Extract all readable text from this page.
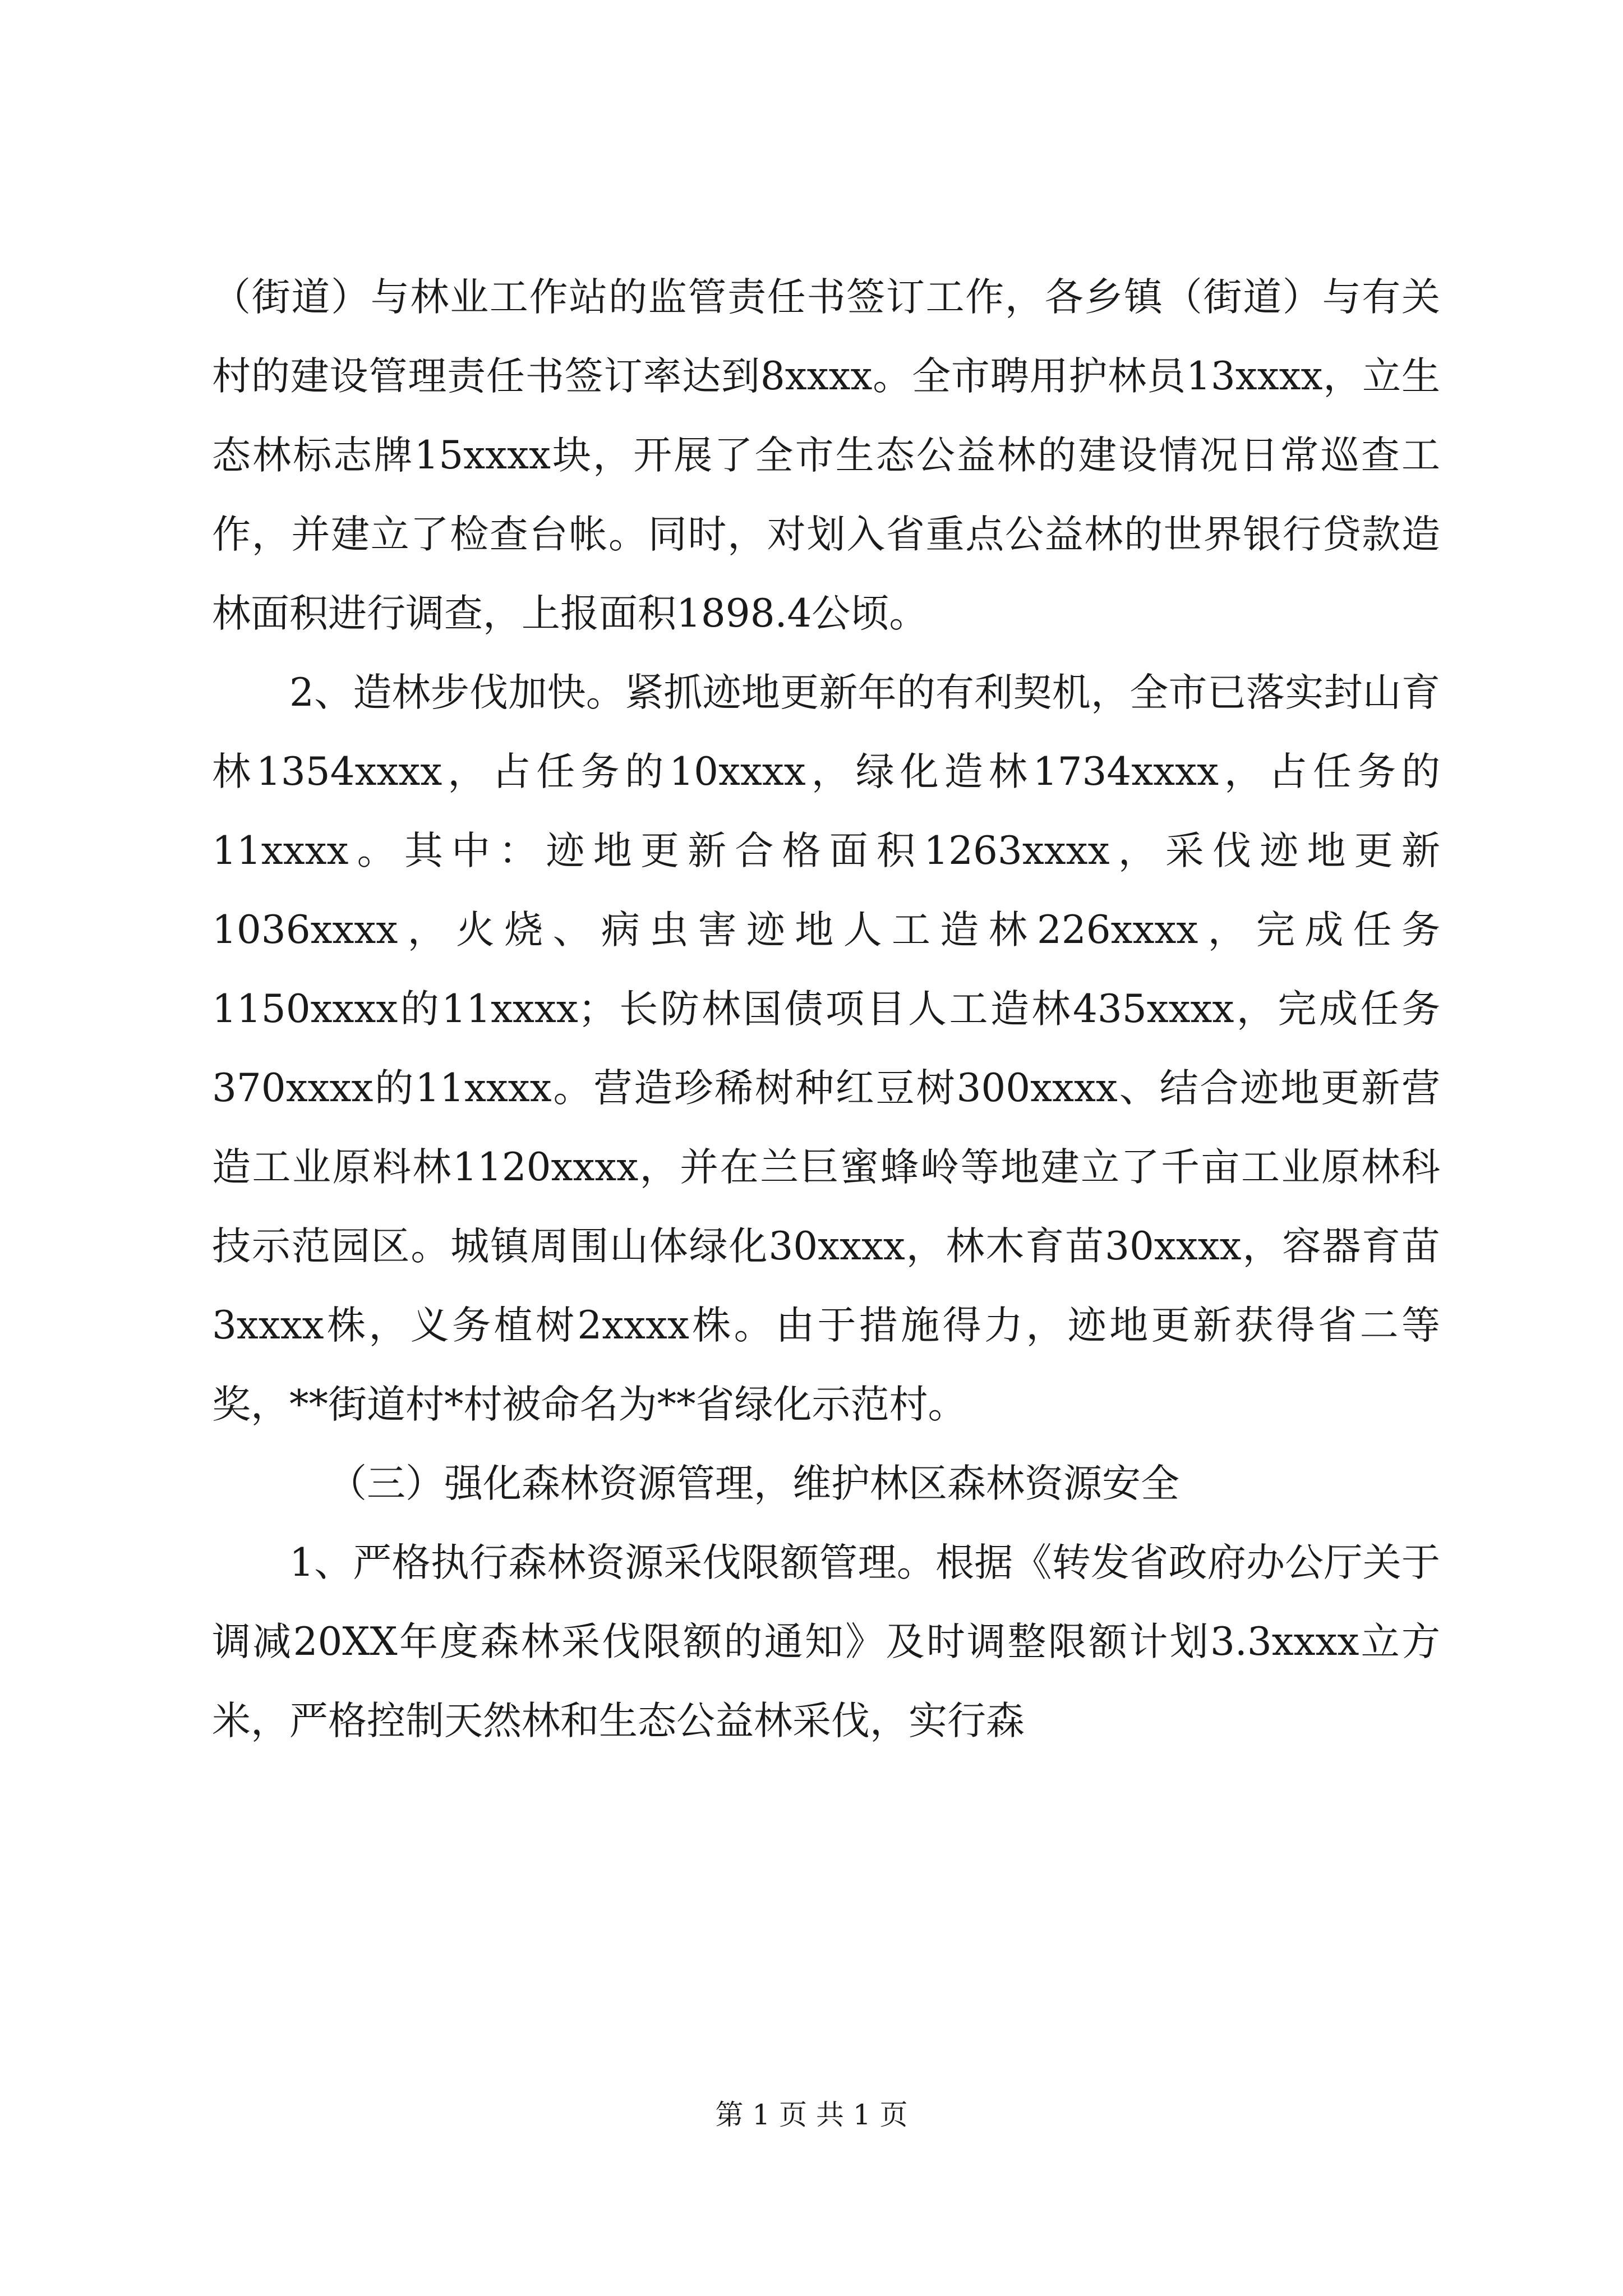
（街道）与林业工作站的监管责任书签订工作，各乡镇（街道）与有关村的建设管理责任书签订率达到8xxxx。全市聘用护林员13xxxx，立生态林标志牌15xxxx块，开展了全市生态公益林的建设情况日常巡查工作，并建立了检查台帐。同时，对划入省重点公益林的世界银行贷款造林面积进行调查，上报面积1898.4公顷。

2、造林步伐加快。紧抓迹地更新年的有利契机，全市已落实封山育林1354xxxx，占任务的10xxxx，绿化造林1734xxxx，占任务的11xxxx。其中：迹地更新合格面积1263xxxx，采伐迹地更新1036xxxx，火烧、病虫害迹地人工造林226xxxx，完成任务1150xxxx的11xxxx；长防林国债项目人工造林435xxxx，完成任务370xxxx的11xxxx。营造珍稀树种红豆树300xxxx、结合迹地更新营造工业原料林1120xxxx，并在兰巨蜜蜂岭等地建立了千亩工业原林科技示范园区。城镇周围山体绿化30xxxx，林木育苗30xxxx，容器育苗3xxxx株，义务植树2xxxx株。由于措施得力，迹地更新获得省二等奖，**街道村*村被命名为**省绿化示范村。

（三）强化森林资源管理，维护林区森林资源安全

1、严格执行森林资源采伐限额管理。根据《转发省政府办公厅关于调减20XX年度森林采伐限额的通知》及时调整限额计划3.3xxxx立方米，严格控制天然林和生态公益林采伐，实行森

第 1 页 共 1 页
